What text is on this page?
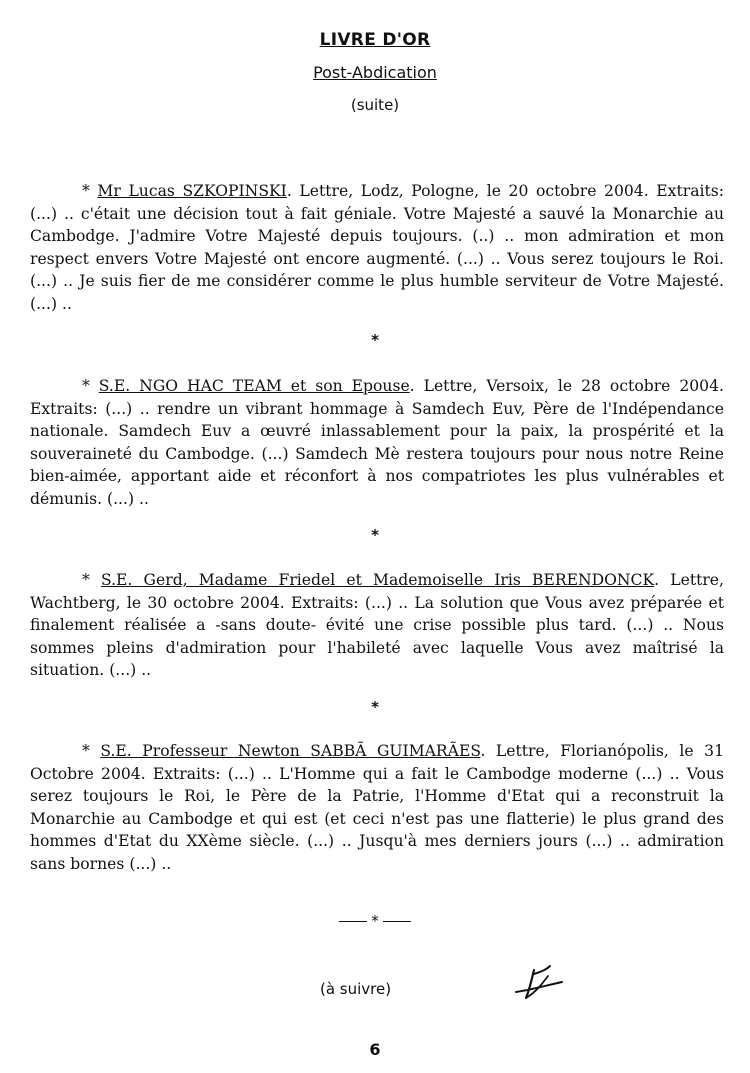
LIVRE D'OR
Post-Abdication
(suite)

* Mr Lucas SZKOPINSKI. Lettre, Lodz, Pologne, le 20 octobre 2004. Extraits: (...) .. c'était une décision tout à fait géniale. Votre Majesté a sauvé la Monarchie au Cambodge. J'admire Votre Majesté depuis toujours. (..) .. mon admiration et mon respect envers Votre Majesté ont encore augmenté. (...) .. Vous serez toujours le Roi. (...) .. Je suis fier de me considérer comme le plus humble serviteur de Votre Majesté. (...) ..

*

* S.E. NGO HAC TEAM et son Epouse. Lettre, Versoix, le 28 octobre 2004. Extraits: (...) .. rendre un vibrant hommage à Samdech Euv, Père de l'Indépendance nationale. Samdech Euv a œuvré inlassablement pour la paix, la prospérité et la souveraineté du Cambodge. (...) Samdech Mè restera toujours pour nous notre Reine bien-aimée, apportant aide et réconfort à nos compatriotes les plus vulnérables et démunis. (...) ..

*

* S.E. Gerd, Madame Friedel et Mademoiselle Iris BERENDONCK. Lettre, Wachtberg, le 30 octobre 2004. Extraits: (...) .. La solution que Vous avez préparée et finalement réalisée a -sans doute- évité une crise possible plus tard. (...) .. Nous sommes pleins d'admiration pour l'habileté avec laquelle Vous avez maîtrisé la situation. (...) ..

*

* S.E. Professeur Newton SABBÃ GUIMARÃES. Lettre, Florianópolis, le 31 Octobre 2004. Extraits: (...) .. L'Homme qui a fait le Cambodge moderne (...) .. Vous serez toujours le Roi, le Père de la Patrie, l'Homme d'Etat qui a reconstruit la Monarchie au Cambodge et qui est (et ceci n'est pas une flatterie) le plus grand des hommes d'Etat du XXème siècle. (...) .. Jusqu'à mes derniers jours (...) .. admiration sans bornes (...) ..

*
(à suivre)
6
